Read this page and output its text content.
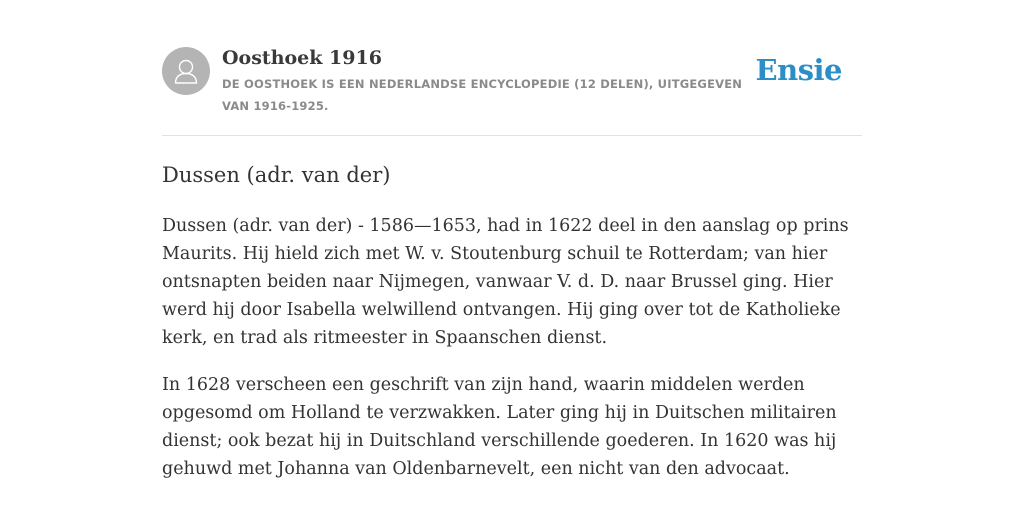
Oosthoek 1916

DE OOSTHOEK IS EEN NEDERLANDSE ENCYCLOPEDIE (12 DELEN), UITGEGEVEN VAN 1916-1925.

Ensie
Dussen (adr. van der)

Dussen (adr. van der) - 1586—1653, had in 1622 deel in den aanslag op prins Maurits. Hij hield zich met W. v. Stoutenburg schuil te Rotterdam; van hier ontsnapten beiden naar Nijmegen, vanwaar V. d. D. naar Brussel ging. Hier werd hij door Isabella welwillend ontvangen. Hij ging over tot de Katholieke kerk, en trad als ritmeester in Spaanschen dienst.

In 1628 verscheen een geschrift van zijn hand, waarin middelen werden opgesomd om Holland te verzwakken. Later ging hij in Duitschen militairen dienst; ook bezat hij in Duitschland verschillende goederen. In 1620 was hij gehuwd met Johanna van Oldenbarnevelt, een nicht van den advocaat.
